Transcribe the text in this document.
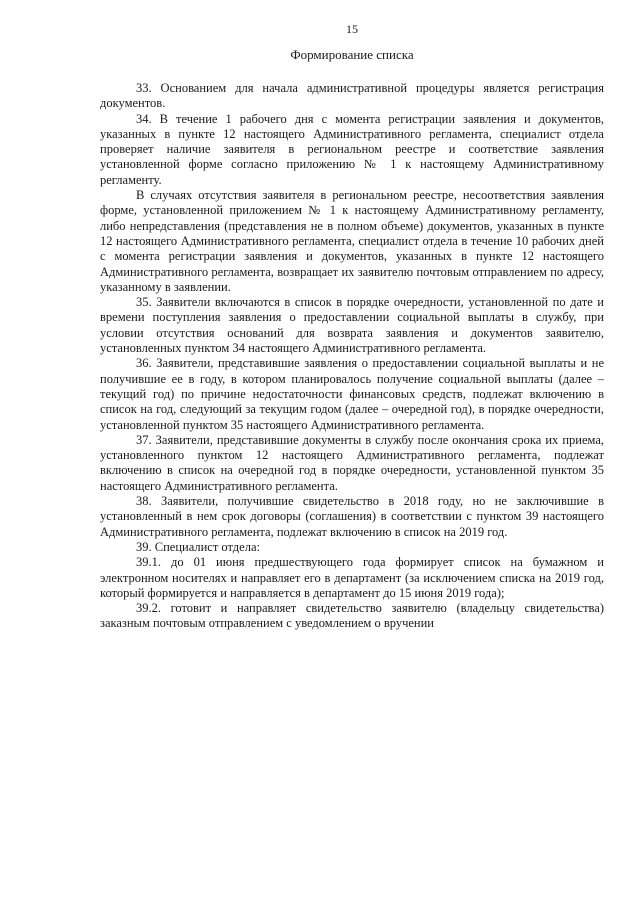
15
Формирование списка

33. Основанием для начала административной процедуры является регистрация документов.

34. В течение 1 рабочего дня с момента регистрации заявления и документов, указанных в пункте 12 настоящего Административного регламента, специалист отдела проверяет наличие заявителя в региональном реестре и соответствие заявления установленной форме согласно приложению № 1 к настоящему Административному регламенту.

В случаях отсутствия заявителя в региональном реестре, несоответствия заявления форме, установленной приложением № 1 к настоящему Административному регламенту, либо непредставления (представления не в полном объеме) документов, указанных в пункте 12 настоящего Административного регламента, специалист отдела в течение 10 рабочих дней с момента регистрации заявления и документов, указанных в пункте 12 настоящего Административного регламента, возвращает их заявителю почтовым отправлением по адресу, указанному в заявлении.

35. Заявители включаются в список в порядке очередности, установленной по дате и времени поступления заявления о предоставлении социальной выплаты в службу, при условии отсутствия оснований для возврата заявления и документов заявителю, установленных пунктом 34 настоящего Административного регламента.

36. Заявители, представившие заявления о предоставлении социальной выплаты и не получившие ее в году, в котором планировалось получение социальной выплаты (далее – текущий год) по причине недостаточности финансовых средств, подлежат включению в список на год, следующий за текущим годом (далее – очередной год), в порядке очередности, установленной пунктом 35 настоящего Административного регламента.

37. Заявители, представившие документы в службу после окончания срока их приема, установленного пунктом 12 настоящего Административного регламента, подлежат включению в список на очередной год в порядке очередности, установленной пунктом 35 настоящего Административного регламента.

38. Заявители, получившие свидетельство в 2018 году, но не заключившие в установленный в нем срок договоры (соглашения) в соответствии с пунктом 39 настоящего Административного регламента, подлежат включению в список на 2019 год.

39. Специалист отдела:

39.1. до 01 июня предшествующего года формирует список на бумажном и электронном носителях и направляет его в департамент (за исключением списка на 2019 год, который формируется и направляется в департамент до 15 июня 2019 года);

39.2. готовит и направляет свидетельство заявителю (владельцу свидетельства) заказным почтовым отправлением с уведомлением о вручении
